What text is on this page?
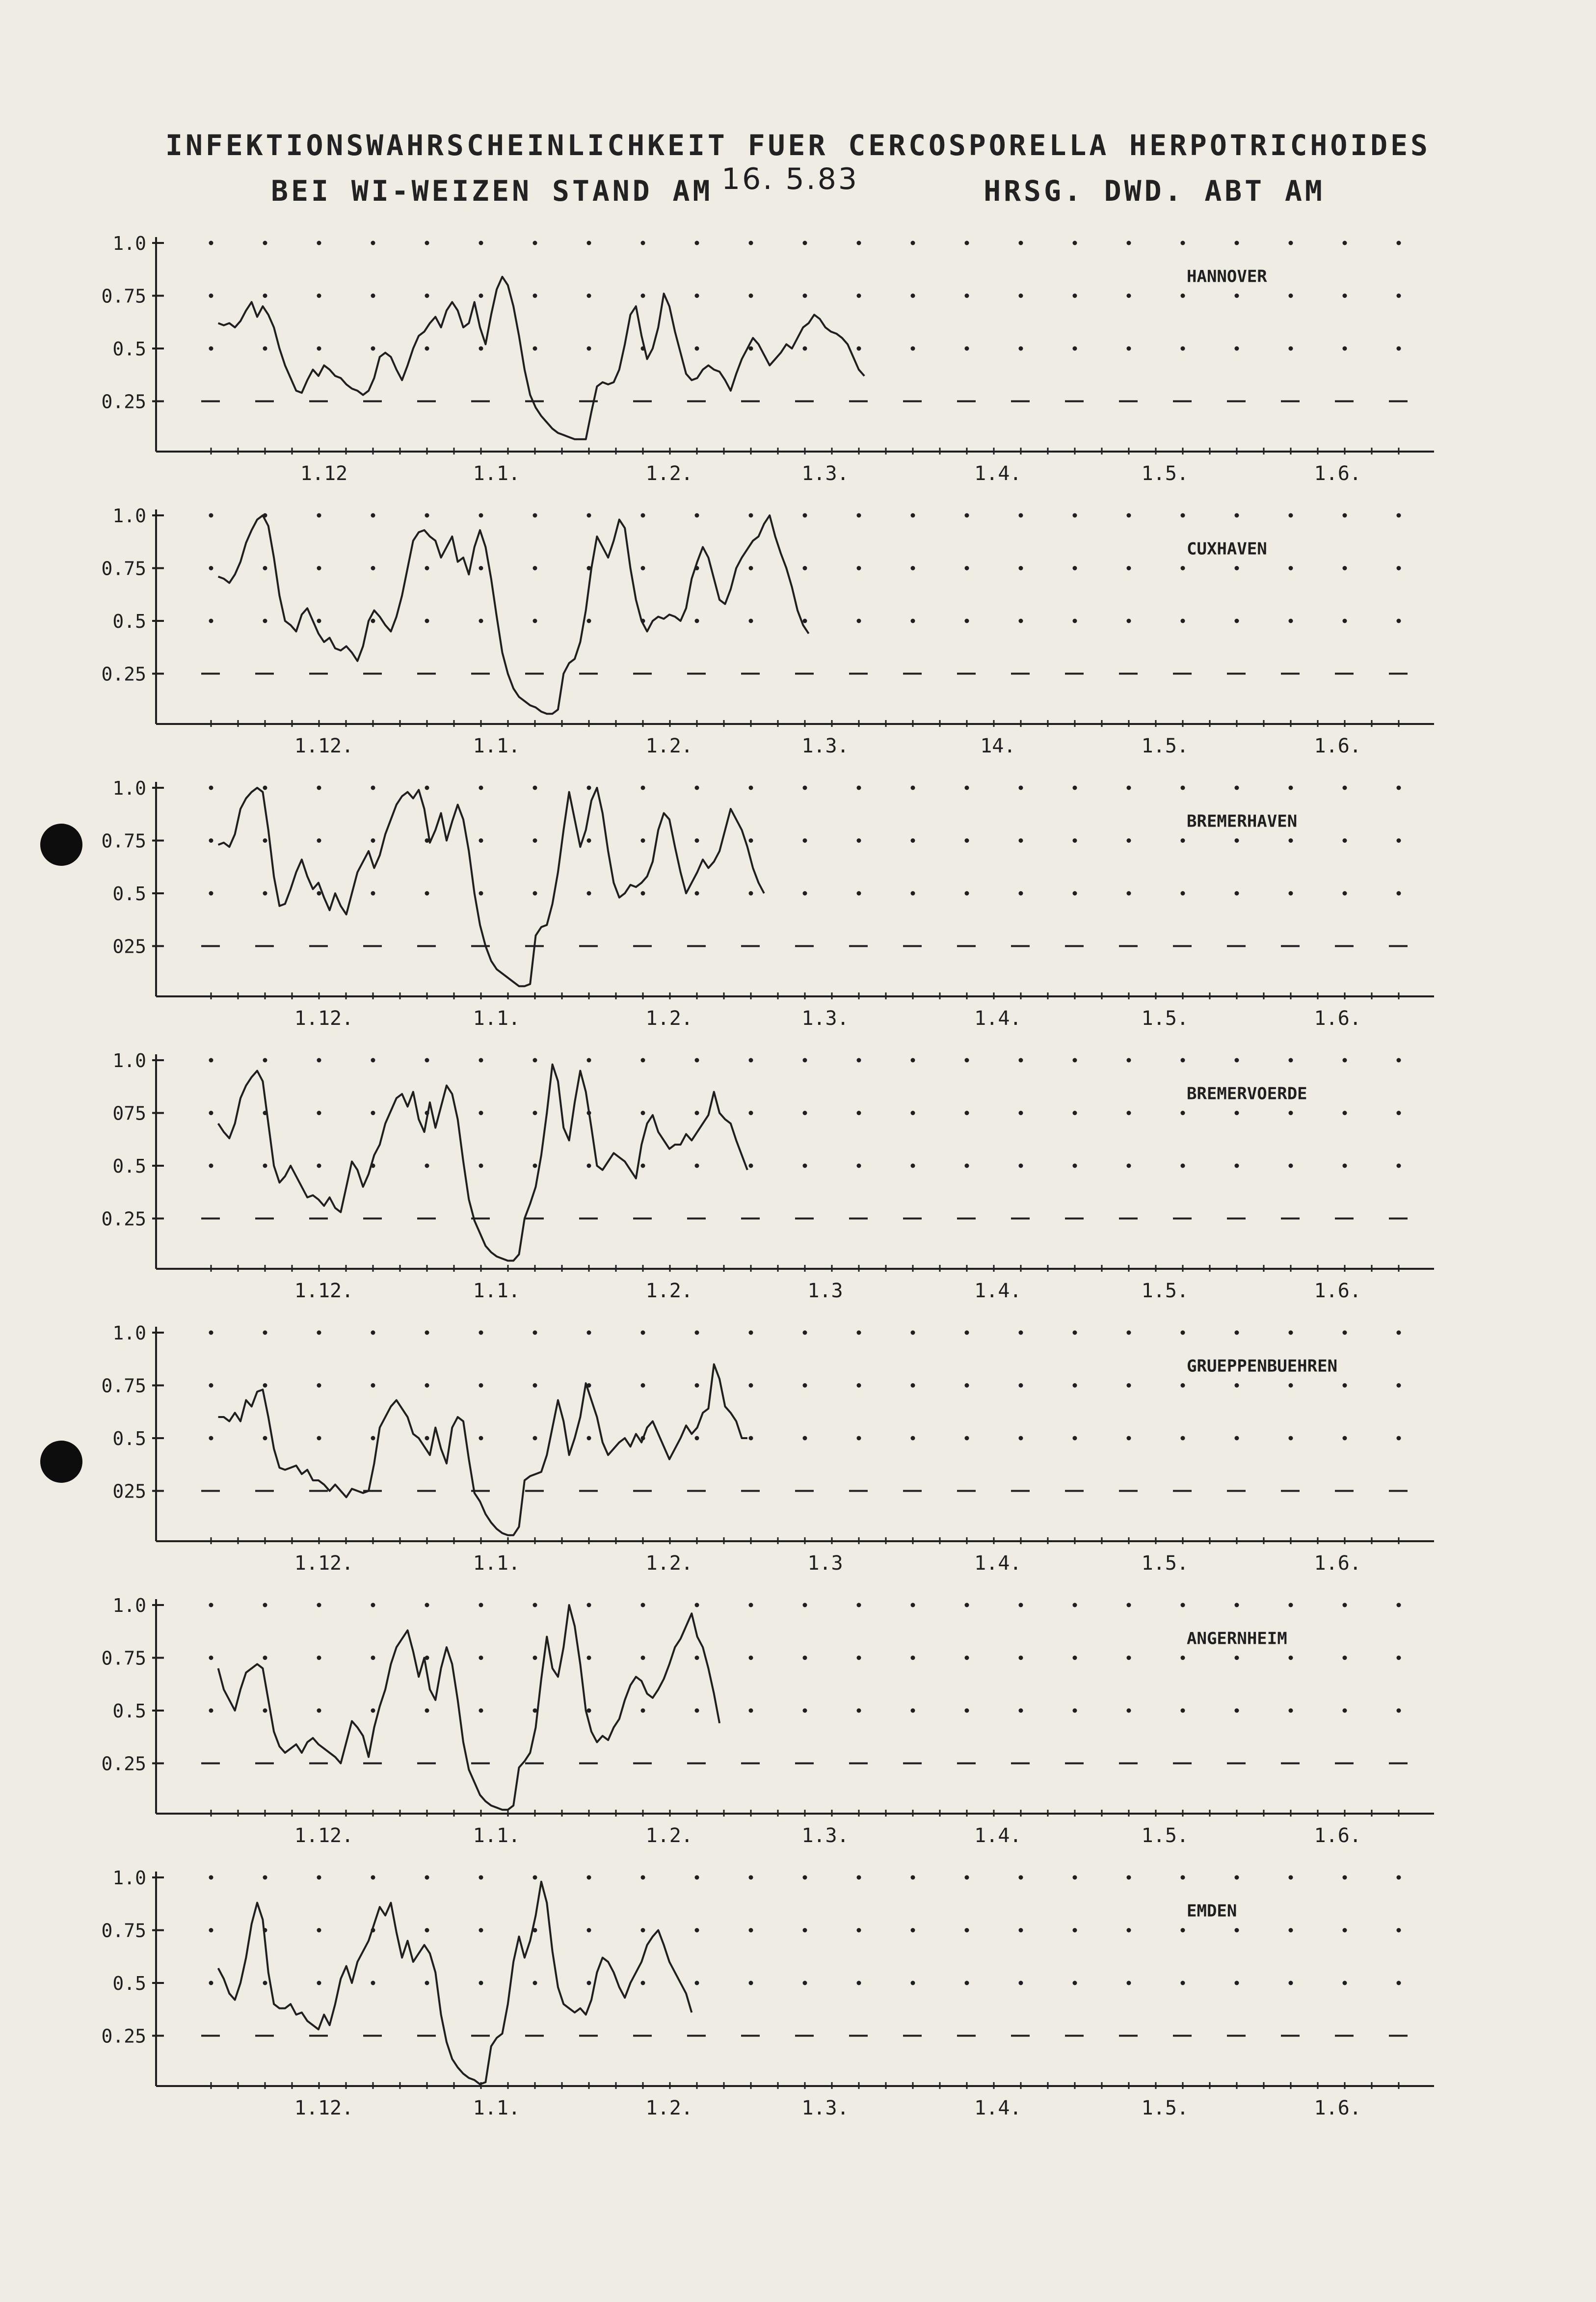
INFEKTIONSWAHRSCHEINLICHKEIT FUER CERCOSPORELLA HERPOTRICHOIDES
BEI WI-WEIZEN STAND AM	HRSG. DWD. ABT AM
16. 5.83
1.0
0.75
0.5
0.25
1.12	1.1.	1.2.	1.3.	1.4.	1.5.	1.6.
HANNOVER
1.0
0.75
0.5
0.25
1.12.	1.1.	1.2.	1.3.	14.	1.5.	1.6.
CUXHAVEN
1.0
0.75
0.5
025
1.12.	1.1.	1.2.	1.3.	1.4.	1.5.	1.6.
BREMERHAVEN
1.0
075
0.5
0.25
1.12.	1.1.	1.2.	1.3	1.4.	1.5.	1.6.
BREMERVOERDE
1.0
0.75
0.5
025
1.12.	1.1.	1.2.	1.3	1.4.	1.5.	1.6.
GRUEPPENBUEHREN
1.0
0.75
0.5
0.25
1.12.	1.1.	1.2.	1.3.	1.4.	1.5.	1.6.
ANGERNHEIM
1.0
0.75
0.5
0.25
1.12.	1.1.	1.2.	1.3.	1.4.	1.5.	1.6.
EMDEN
